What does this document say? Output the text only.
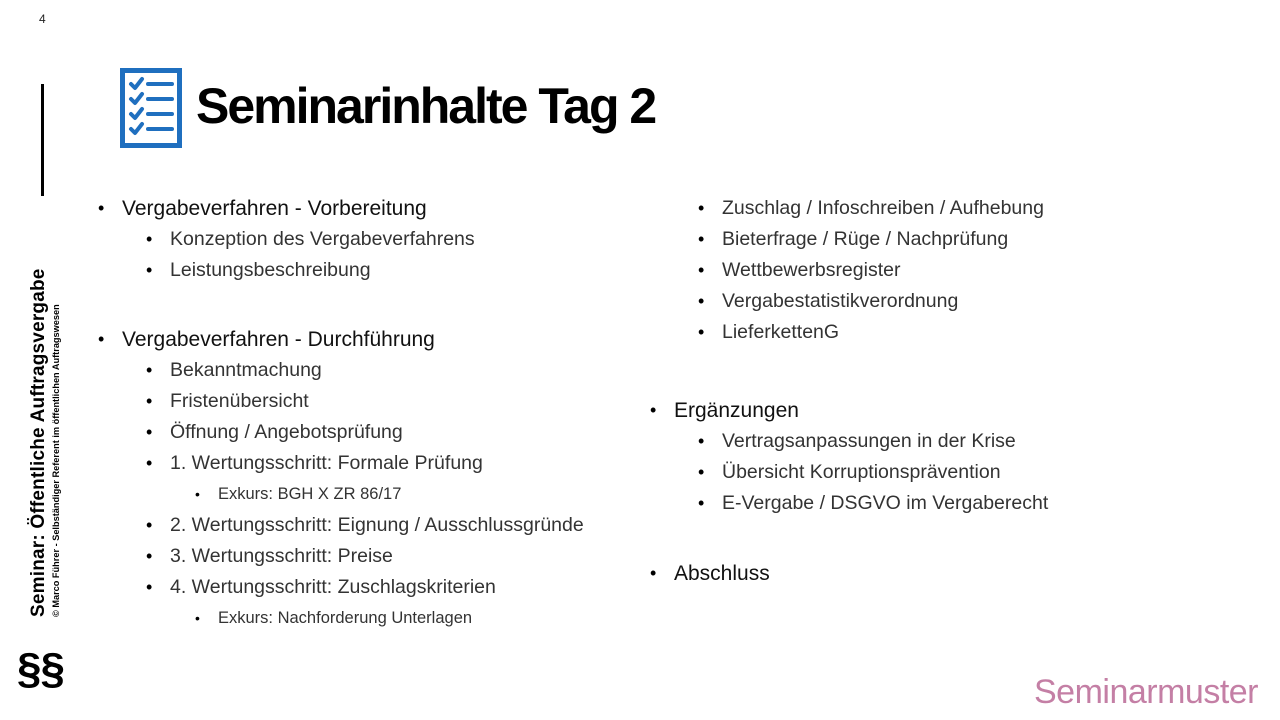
4
Seminar: Öffentliche Auftragsvergabe © Marco Führer - Selbständiger Referent im öffentlichen Auftragswesen
§§
Seminarinhalte Tag 2
• Vergabeverfahren - Vorbereitung
• Konzeption des Vergabeverfahrens
• Leistungsbeschreibung
• Vergabeverfahren - Durchführung
• Bekanntmachung
• Fristenübersicht
• Öffnung / Angebotsprüfung
• 1. Wertungsschritt: Formale Prüfung
• Exkurs: BGH X ZR 86/17
• 2. Wertungsschritt: Eignung / Ausschlussgründe
• 3. Wertungsschritt: Preise
• 4. Wertungsschritt: Zuschlagskriterien
• Exkurs: Nachforderung Unterlagen
• Zuschlag / Infoschreiben / Aufhebung
• Bieterfrage / Rüge / Nachprüfung
• Wettbewerbsregister
• Vergabestatistikverordnung
• LieferkettenG
• Ergänzungen
• Vertragsanpassungen in der Krise
• Übersicht Korruptionsprävention
• E-Vergabe / DSGVO im Vergaberecht
• Abschluss
Seminarmuster
